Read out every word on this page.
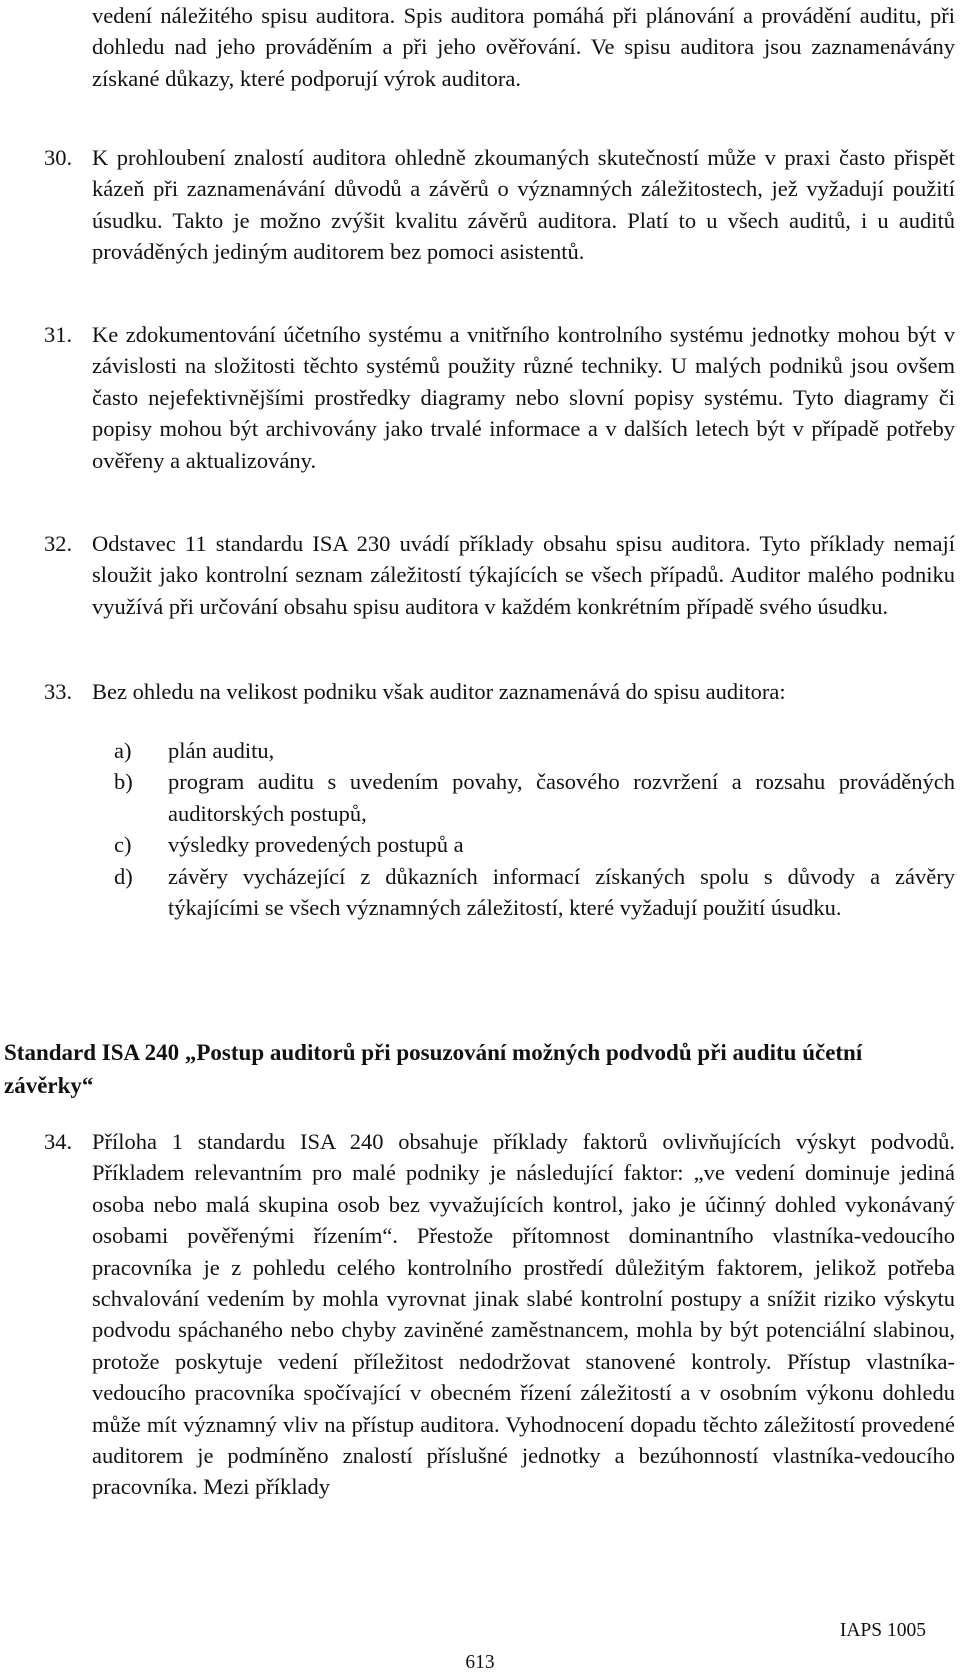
vedení náležitého spisu auditora. Spis auditora pomáhá při plánování a provádění auditu, při dohledu nad jeho prováděním a při jeho ověřování. Ve spisu auditora jsou zaznamenávány získané důkazy, které podporují výrok auditora.
30. K prohloubení znalostí auditora ohledně zkoumaných skutečností může v praxi často přispět kázeň při zaznamenávání důvodů a závěrů o významných záležitostech, jež vyžadují použití úsudku. Takto je možno zvýšit kvalitu závěrů auditora. Platí to u všech auditů, i u auditů prováděných jediným auditorem bez pomoci asistentů.
31. Ke zdokumentování účetního systému a vnitřního kontrolního systému jednotky mohou být v závislosti na složitosti těchto systémů použity různé techniky. U malých podniků jsou ovšem často nejefektivnějšími prostředky diagramy nebo slovní popisy systému. Tyto diagramy či popisy mohou být archivovány jako trvalé informace a v dalších letech být v případě potřeby ověřeny a aktualizovány.
32. Odstavec 11 standardu ISA 230 uvádí příklady obsahu spisu auditora. Tyto příklady nemají sloužit jako kontrolní seznam záležitostí týkajících se všech případů. Auditor malého podniku využívá při určování obsahu spisu auditora v každém konkrétním případě svého úsudku.
33. Bez ohledu na velikost podniku však auditor zaznamenává do spisu auditora:
a)	plán auditu,
b)	program auditu s uvedením povahy, časového rozvržení a rozsahu prováděných auditorských postupů,
c)	výsledky provedených postupů a
d)	závěry vycházející z důkazních informací získaných spolu s důvody a závěry týkajícími se všech významných záležitostí, které vyžadují použití úsudku.
Standard ISA 240 „Postup auditorů při posuzování možných podvodů při auditu účetní závěrky“
34. Příloha 1 standardu ISA 240 obsahuje příklady faktorů ovlivňujících výskyt podvodů. Příkladem relevantním pro malé podniky je následující faktor: „ve vedení dominuje jediná osoba nebo malá skupina osob bez vyvažujících kontrol, jako je účinný dohled vykonávaný osobami pověřenými řízením“. Přestože přítomnost dominantního vlastníka-vedoucího pracovníka je z pohledu celého kontrolního prostředí důležitým faktorem, jelikož potřeba schvalování vedením by mohla vyrovnat jinak slabé kontrolní postupy a snížit riziko výskytu podvodu spáchaného nebo chyby zaviněné zaměstnancem, mohla by být potenciální slabinou, protože poskytuje vedení příležitost nedodržovat stanovené kontroly. Přístup vlastníka-vedoucího pracovníka spočívající v obecném řízení záležitostí a v osobním výkonu dohledu může mít významný vliv na přístup auditora. Vyhodnocení dopadu těchto záležitostí provedené auditorem je podmíněno znalostí příslušné jednotky a bezúhonností vlastníka-vedoucího pracovníka. Mezi příklady
IAPS 1005
613
